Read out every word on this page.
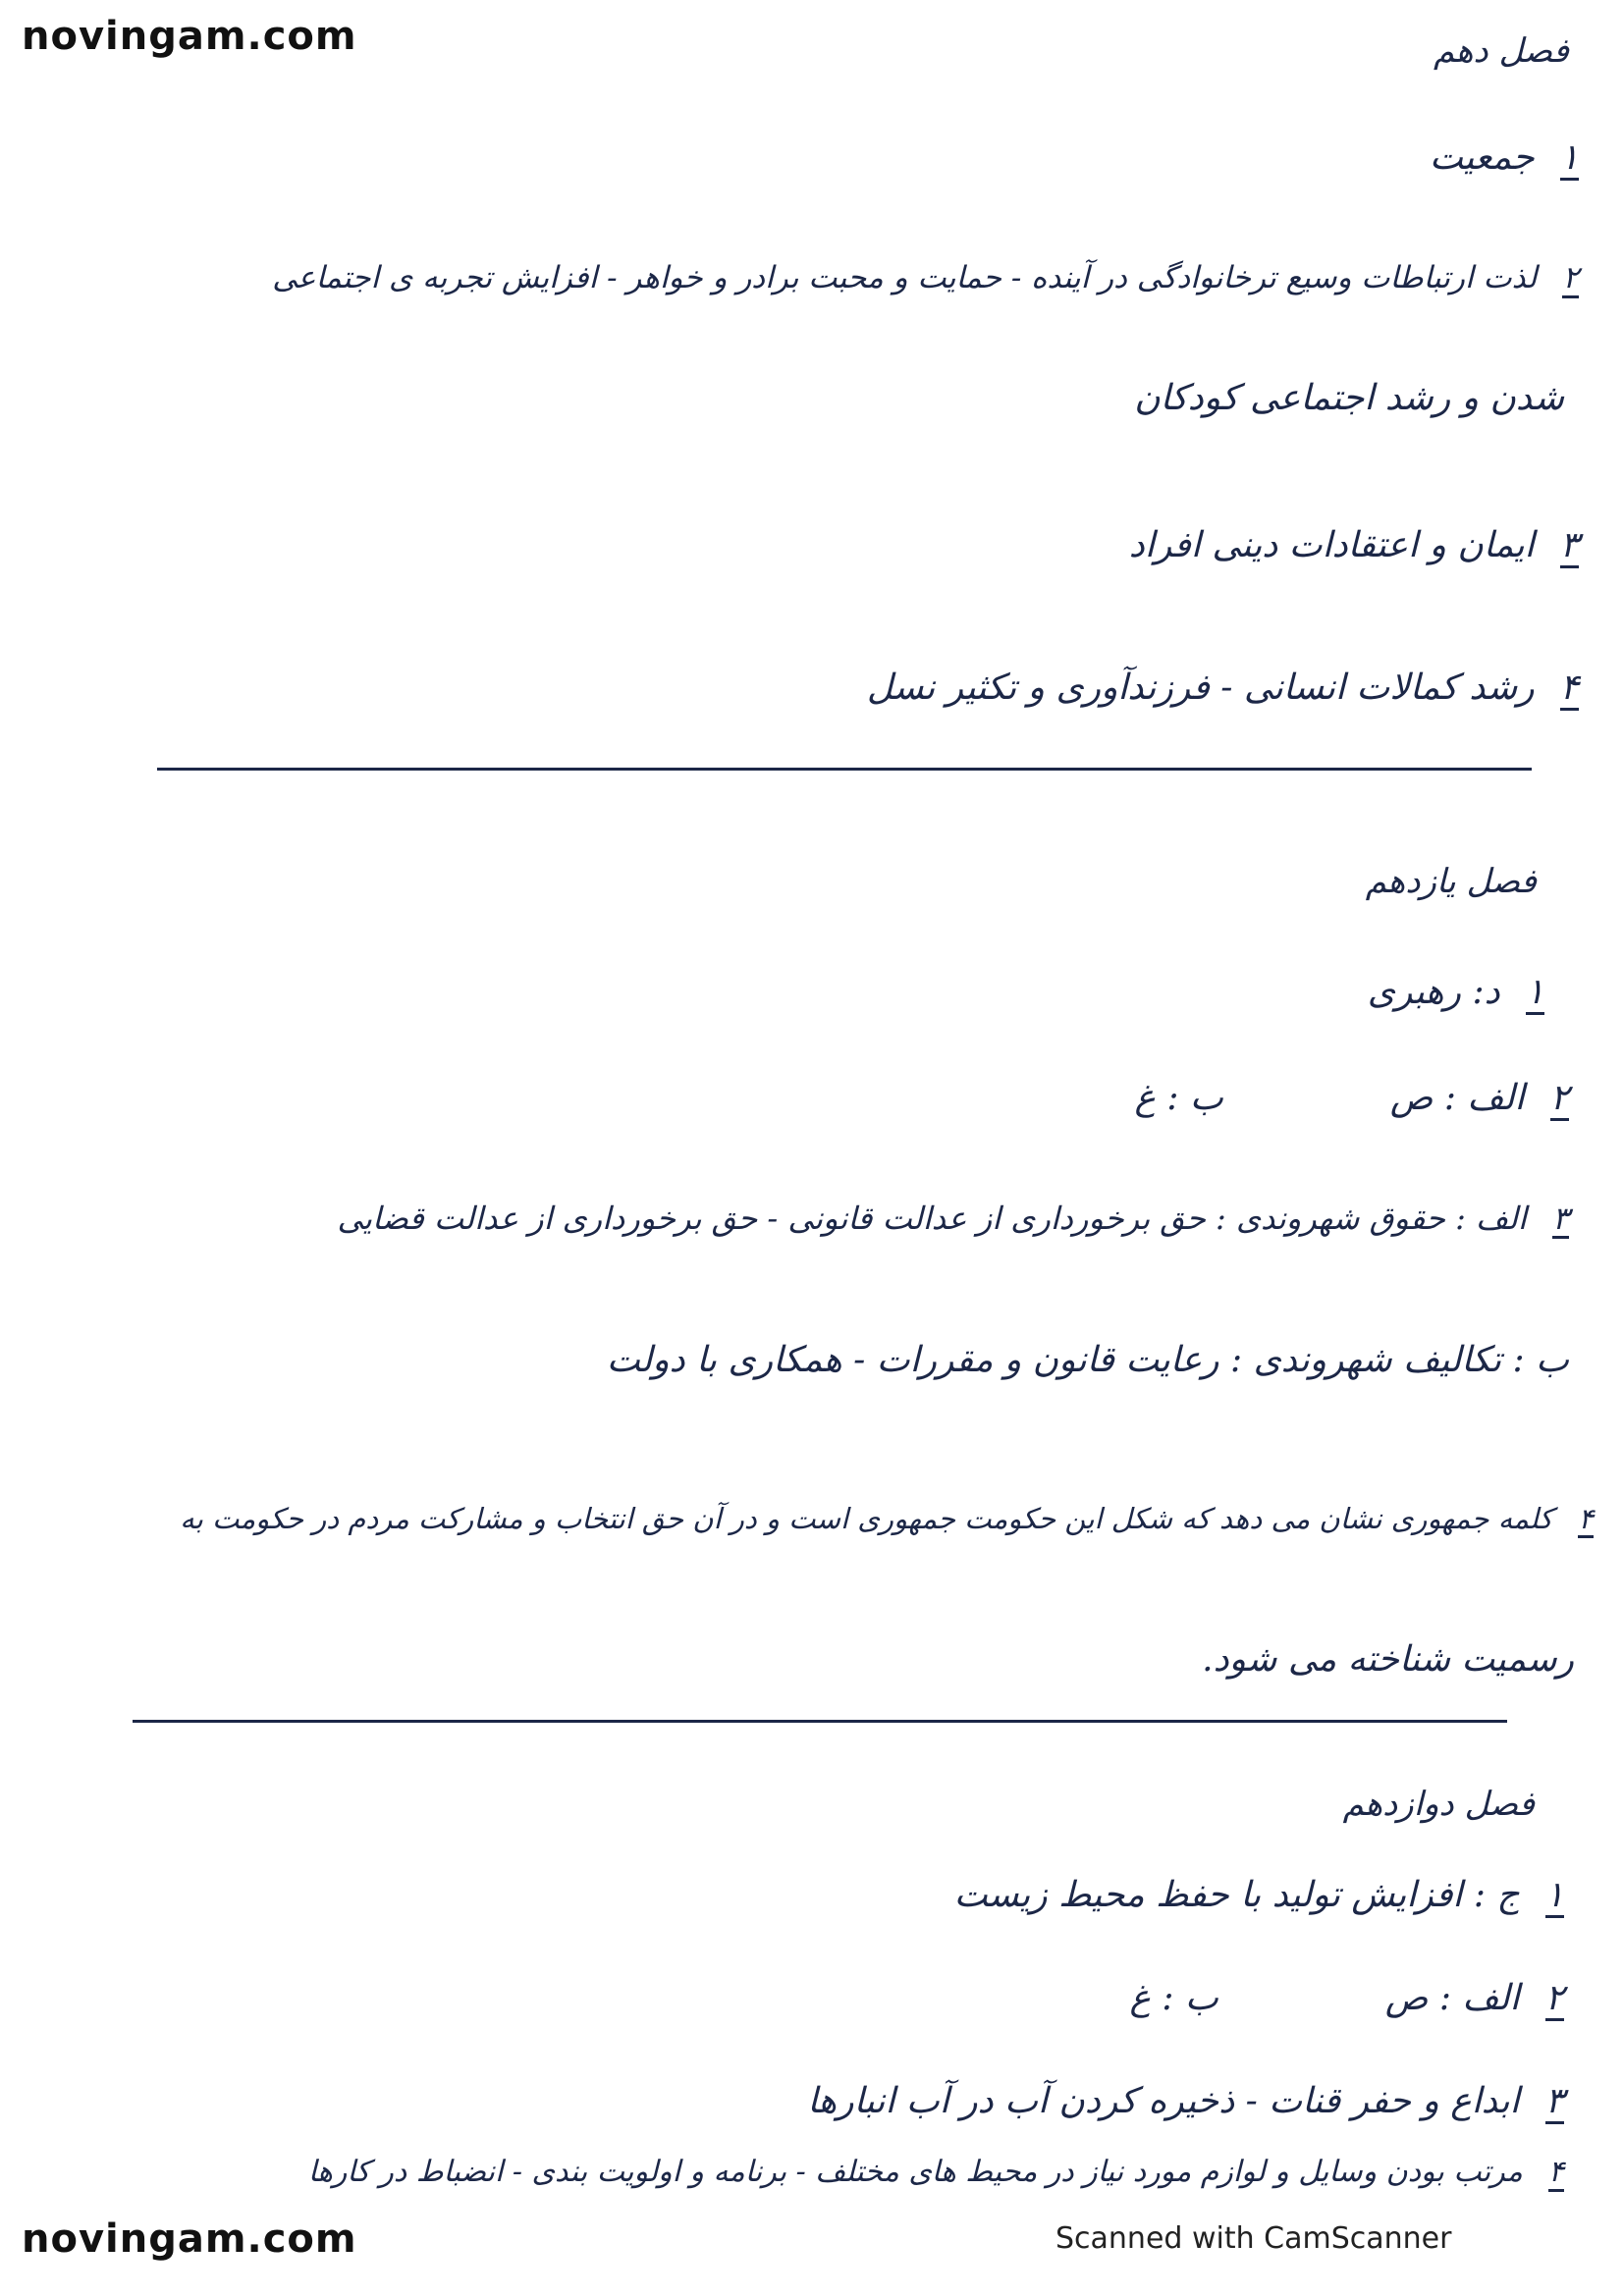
novingam.com	فصل دهم
۱جمعیت
۲لذت ارتباطات وسیع ترخانوادگی در آینده - حمایت و محبت برادر و خواهر - افزایش تجربه ی اجتماعی
شدن و رشد اجتماعی کودکان
۳ایمان و اعتقادات دینی افراد
۴رشد کمالات انسانی - فرزندآوری و تکثیر نسل
فصل یازدهم
۱د: رهبری
۲الف : صب : غ
۳الف : حقوق شهروندی : حق برخورداری از عدالت قانونی - حق برخورداری از عدالت قضایی
ب : تکالیف شهروندی : رعایت قانون و مقررات - همکاری با دولت
۴کلمه جمهوری نشان می دهد که شکل این حکومت جمهوری است و در آن حق انتخاب و مشارکت مردم در حکومت به
رسمیت شناخته می شود.
فصل دوازدهم
۱ج : افزایش تولید با حفظ محیط زیست
۲الف : صب : غ
۳ابداع و حفر قنات - ذخیره کردن آب در آب انبارها
۴مرتب بودن وسایل و لوازم مورد نیاز در محیط های مختلف - برنامه و اولویت بندی - انضباط در کارها
novingam.com	Scanned with CamScanner
